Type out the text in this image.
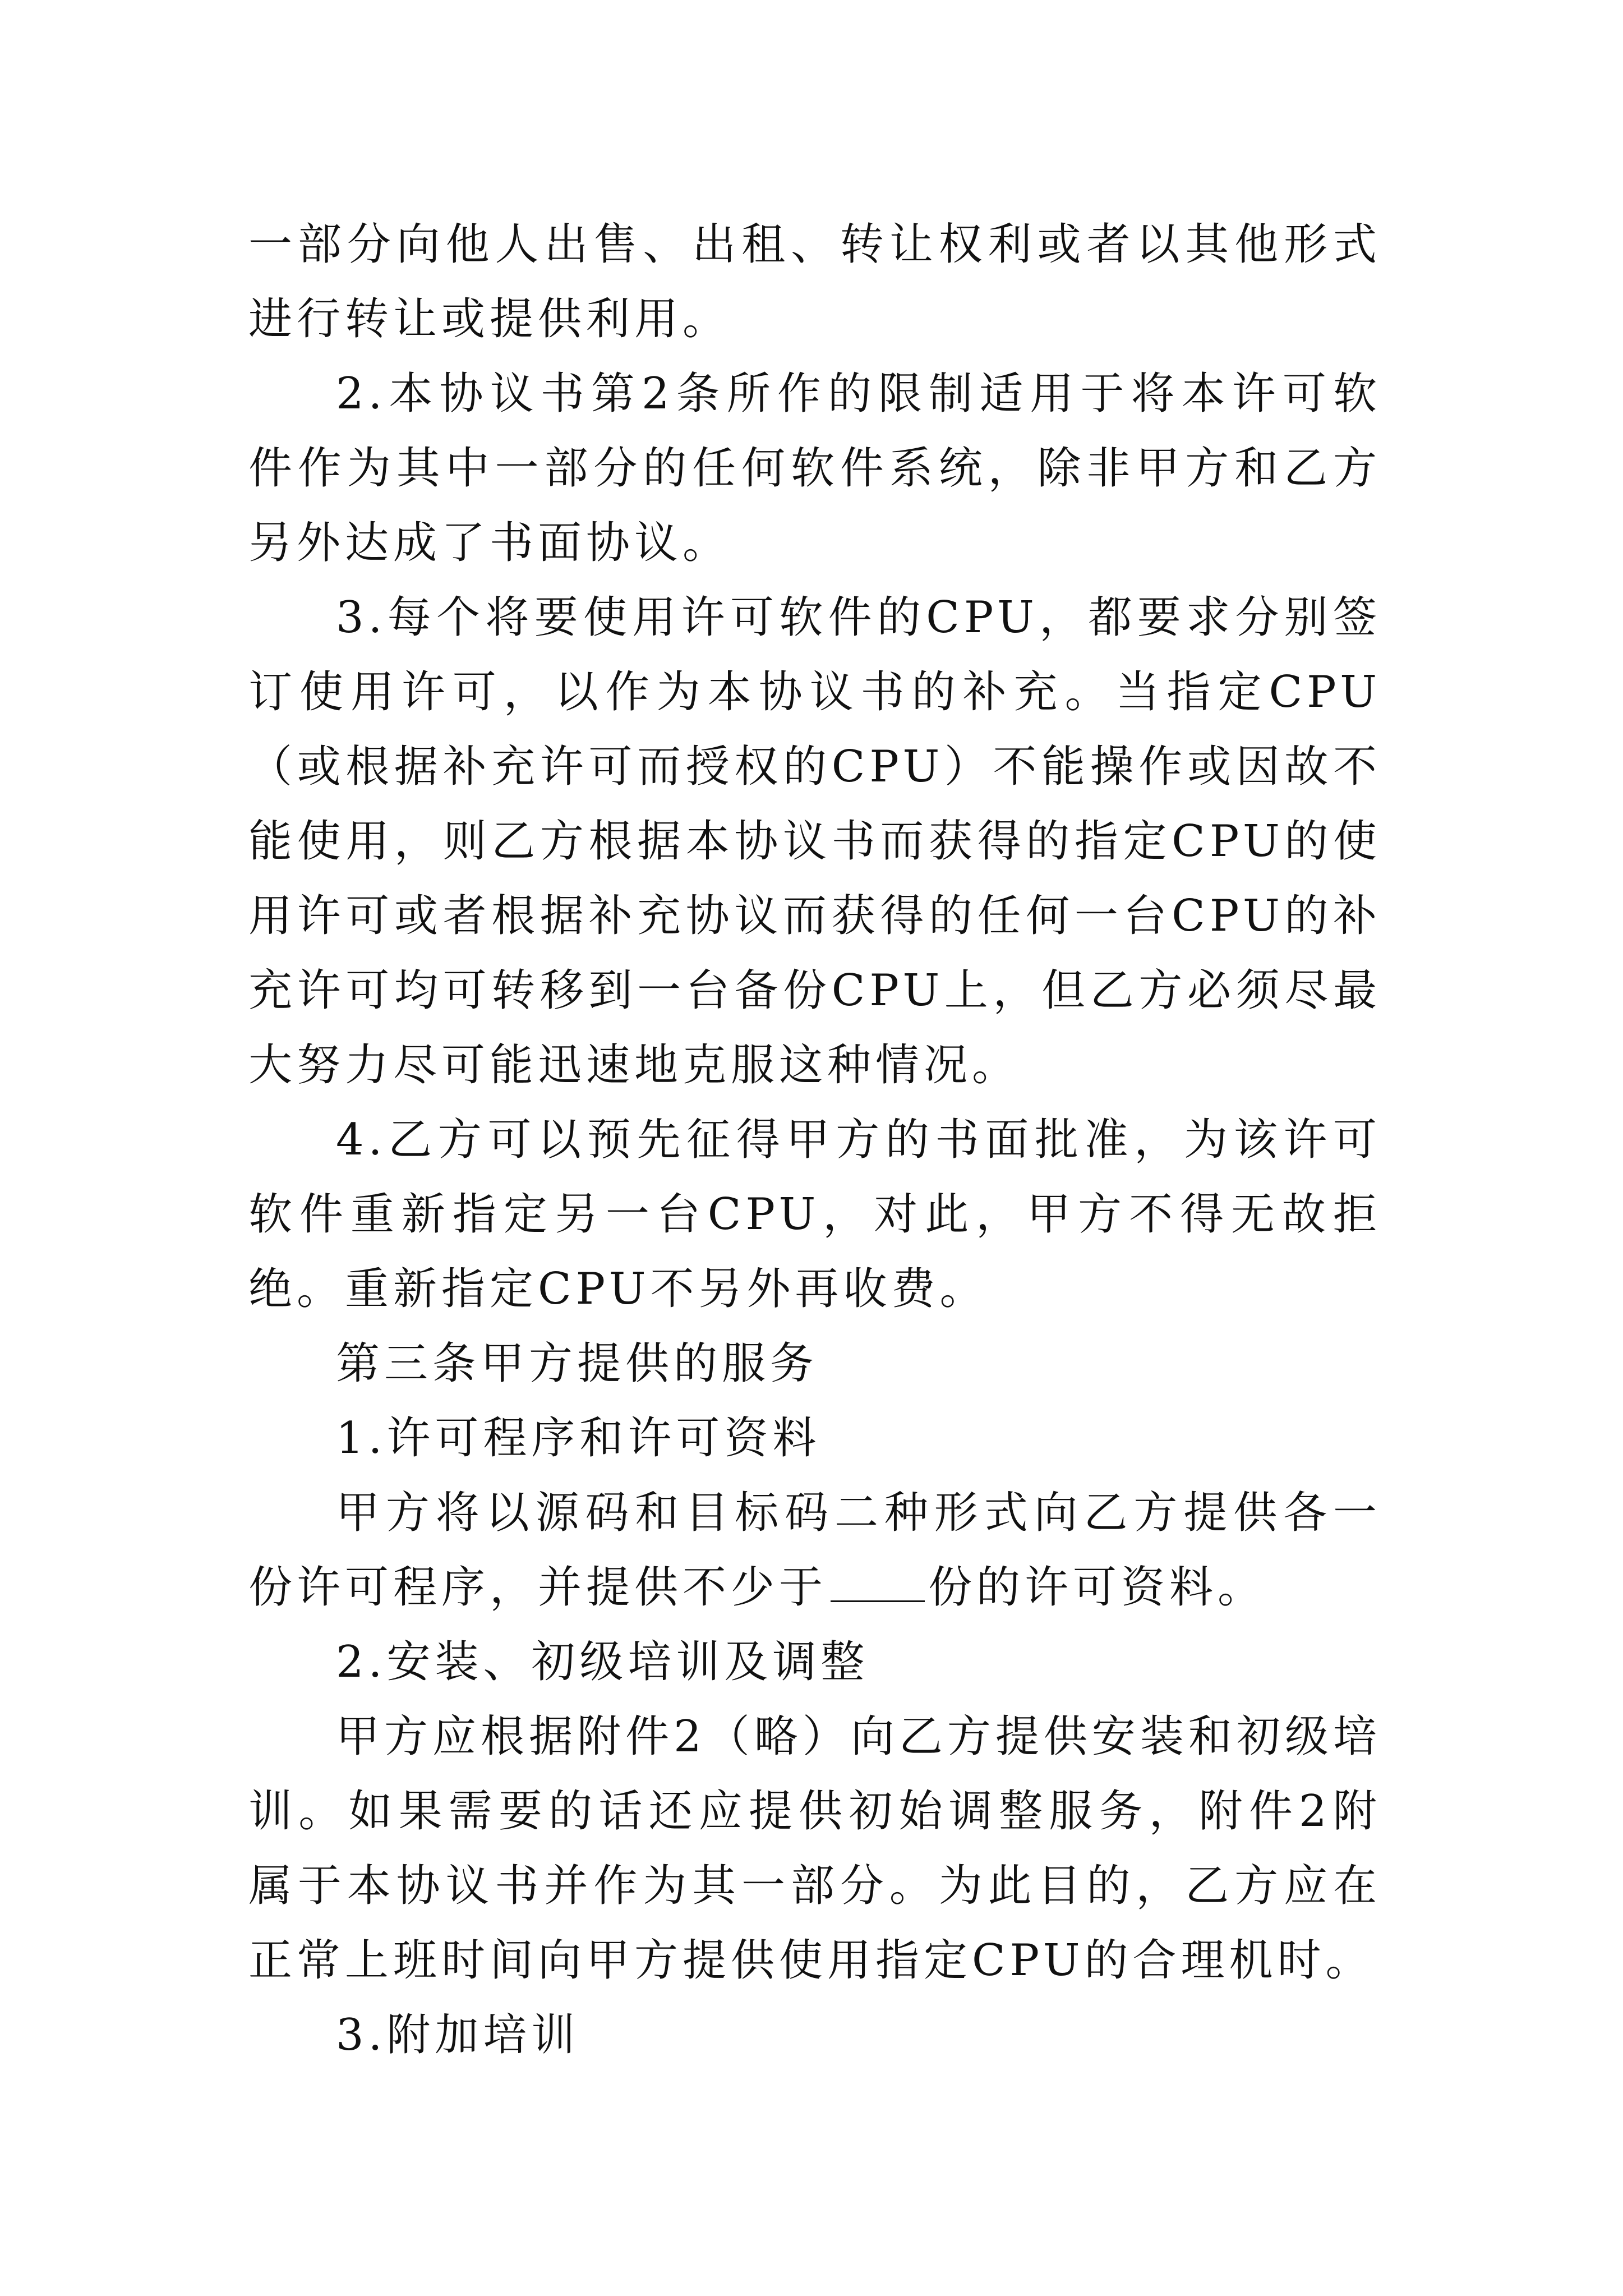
一部分向他人出售、出租、转让权利或者以其他形式进行转让或提供利用。

2.本协议书第2条所作的限制适用于将本许可软件作为其中一部分的任何软件系统，除非甲方和乙方另外达成了书面协议。

3.每个将要使用许可软件的CPU，都要求分别签订使用许可，以作为本协议书的补充。当指定CPU（或根据补充许可而授权的CPU）不能操作或因故不能使用，则乙方根据本协议书而获得的指定CPU的使用许可或者根据补充协议而获得的任何一台CPU的补充许可均可转移到一台备份CPU上，但乙方必须尽最大努力尽可能迅速地克服这种情况。

4.乙方可以预先征得甲方的书面批准，为该许可软件重新指定另一台CPU，对此，甲方不得无故拒绝。重新指定CPU不另外再收费。

第三条甲方提供的服务

1.许可程序和许可资料

甲方将以源码和目标码二种形式向乙方提供各一份许可程序，并提供不少于 份的许可资料。

2.安装、初级培训及调整

甲方应根据附件2（略）向乙方提供安装和初级培训。如果需要的话还应提供初始调整服务，附件2附属于本协议书并作为其一部分。为此目的，乙方应在正常上班时间向甲方提供使用指定CPU的合理机时。

3.附加培训
